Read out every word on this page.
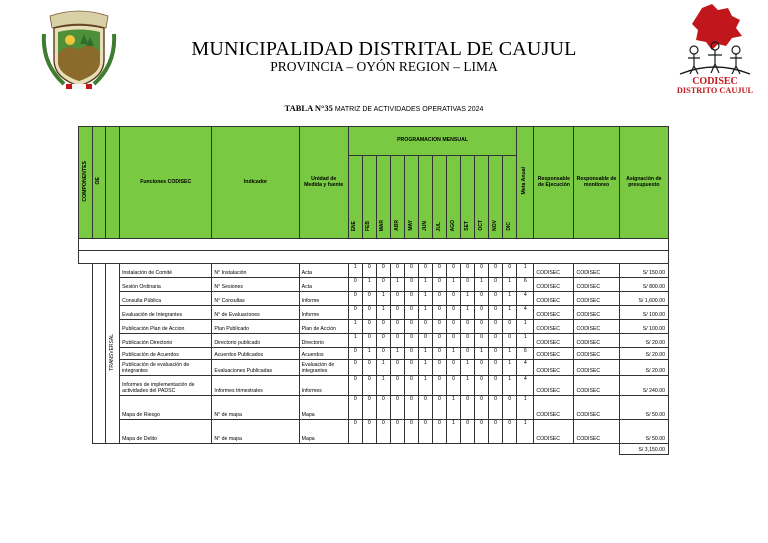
CODISEC
DISTRITO CAUJUL
MUNICIPALIDAD DISTRITAL DE CAUJUL
PROVINCIA – OYÓN REGION – LIMA
TABLA N°35 MATRIZ DE ACTIVIDADES OPERATIVAS 2024
COMPONENTES	OE		Funciones CODISEC	Indicador	Unidad de Medida y fuente	PROGRAMACION MENSUAL												Meta Anual	Responsable de Ejecución	Responsable de monitoreo	Asignación de presupuesto
						ENE	FEB	MAR	ABR	MAY	JUN	JUL	AGO	SET	OCT	NOV	DIC				

		TRANSVERSAL	Instalación de Comité	N° Instalación	Acta	1	0	0	0	0	0	0	0	0	0	0	0	1	CODISEC	CODISEC	S/ 150.00
			Sesión Ordinaria	N° Sesiones	Acta	0	1	0	1	0	1	0	1	0	1	0	1	6	CODISEC	CODISEC	S/ 800.00
			Consulta Pública	N° Consultas	Informe	0	0	1	0	0	1	0	0	1	0	0	1	4	CODISEC	CODISEC	S/ 1,600.00
			Evaluación de Integrantes	N° de Evaluaciones	Informe	0	0	1	0	0	1	0	0	1	0	0	1	4	CODISEC	CODISEC	S/ 100.00
			Publicación Plan de Accion	Plan Publicado	Plan de Acción	1	0	0	0	0	0	0	0	0	0	0	0	1	CODISEC	CODISEC	S/ 100.00
			Publicación Directorio	Directorio publicado	Directorio	1	0	0	0	0	0	0	0	0	0	0	0	1	CODISEC	CODISEC	S/ 20.00
			Publicación de Acuerdos	Acuerdos Publicados	Acuerdos	0	1	0	1	0	1	0	1	0	1	0	1	6	CODISEC	CODISEC	S/ 20.00
			Publicación de evaluación de integrantes	Evaluaciones Publicadas	Evaluación de integrantes	0	0	1	0	0	1	0	0	1	0	0	1	4	CODISEC	CODISEC	S/ 20.00
			Informes de implementación de actividades del PADSC	Informes trimestrales	Informes	0	0	1	0	0	1	0	0	1	0	0	1	4	CODISEC	CODISEC	S/ 240.00
			Mapa de Riesgo	N° de mapa	Mapa	0	0	0	0	0	0	0	1	0	0	0	0	1	CODISEC	CODISEC	S/ 50.00
			Mapa de Delito	N° de mapa	Mapa	0	0	0	0	0	0	0	1	0	0	0	0	1	CODISEC	CODISEC	S/ 50.00
																					S/ 3,150.00
